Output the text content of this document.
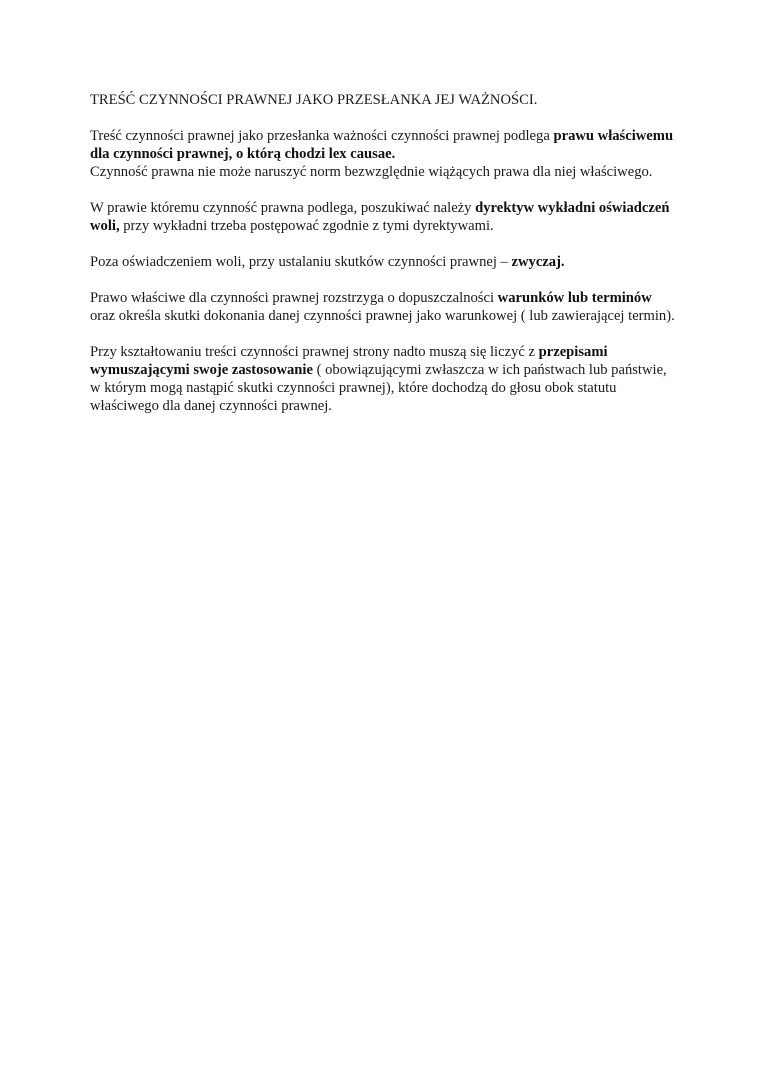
TREŚĆ CZYNNOŚCI PRAWNEJ JAKO PRZESŁANKA JEJ WAŻNOŚCI.

Treść czynności prawnej jako przesłanka ważności czynności prawnej podlega prawu właściwemu dla czynności prawnej, o którą chodzi lex causae.

Czynność prawna nie może naruszyć norm bezwzględnie wiążących prawa dla niej właściwego.

W prawie któremu czynność prawna podlega, poszukiwać należy dyrektyw wykładni oświadczeń woli, przy wykładni trzeba postępować zgodnie z tymi dyrektywami.

Poza oświadczeniem woli, przy ustalaniu skutków czynności prawnej – zwyczaj.

Prawo właściwe dla czynności prawnej rozstrzyga o dopuszczalności warunków lub terminów oraz określa skutki dokonania danej czynności prawnej jako warunkowej ( lub zawierającej termin).

Przy kształtowaniu treści czynności prawnej strony nadto muszą się liczyć z przepisami wymuszającymi swoje zastosowanie ( obowiązującymi zwłaszcza w ich państwach lub państwie, w którym mogą nastąpić skutki czynności prawnej), które dochodzą do głosu obok statutu właściwego dla danej czynności prawnej.
